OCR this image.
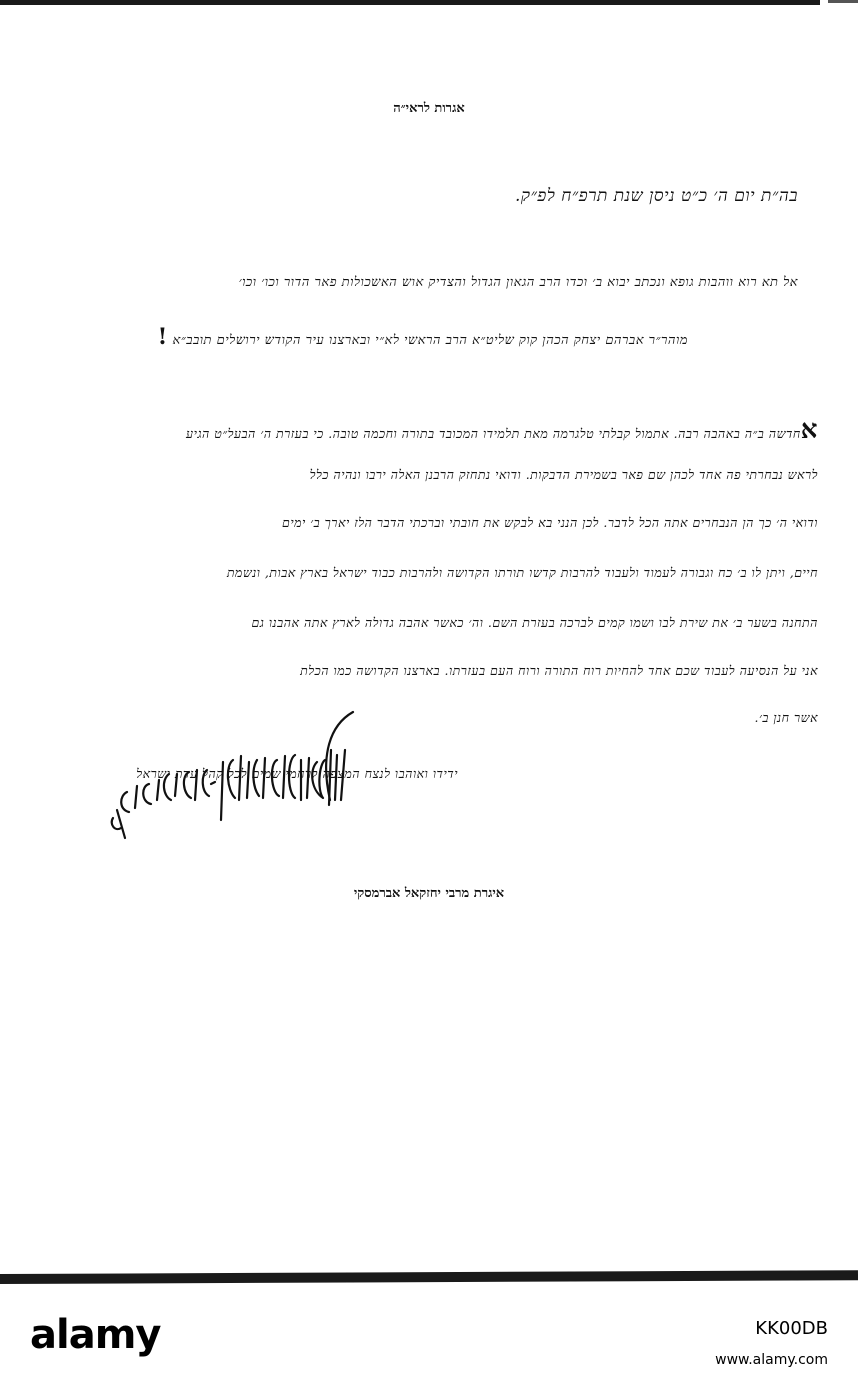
אגרות לראי״ה
בה״ת יום ה׳ כ״ט ניסן שנת תרפ״ח לפ״ק.
אל תא רוא ווהבות גופא ונכתב יבוא ב׳ וכדו הרב הגאון הגדול והצדיק אוש האשכולות פאר הדור וכו׳ וכו׳
מוהר״ר אברהם יצחק הכהן קוק שליט״א הרב הראשי לא״י ובארצנו עיר הקודש ירושלים תובב״א !
אחדשה ב״ה באהבה רבה. אתמול קבלתי טלגרמה מאת תלמידו המכובד בתורה וחכמה טובה. כי בעזרת ה׳ הבעל״ט הגיע
לראש נבחרתי פה אחד לכהן שם פאר בשמירת הדבקות. ודואי נתחזק הרבנן האלה ירבו ונהיה כלל
ודואי ה׳ כך הן הנבחרים אתה הכל לדבר. לכן הנני בא לבקש את חובתי וברכתי הדבר הלז יארך ב׳ ימים
חיים, ויתן לו ב׳ כח וגבורה לעמוד ולעבוד להרבות קדשו תורתו הקדושה ולהרבות כבוד ישראל בארץ אבות, ונשמת
התחנה בשער ב׳ את שירת לבו ושמו קמים לברכה בעזרת השם. וה׳ כאשר אהבה גדולה לארץ אתה אהבנו גם
אני על הנסיעה לעבוד שכם אחד להחיות רוח התורה ורוח העם בעזרתו. בארצנו הקדושה כמו הכלת
אשר חנן ב׳.
ידידו ואוהבו לנצח המצפה לרחמי שמים לכל קהל עדת ישראל
איגרת מרבי יחזקאל אברמסקי
alamy	KK00DB
www.alamy.com
